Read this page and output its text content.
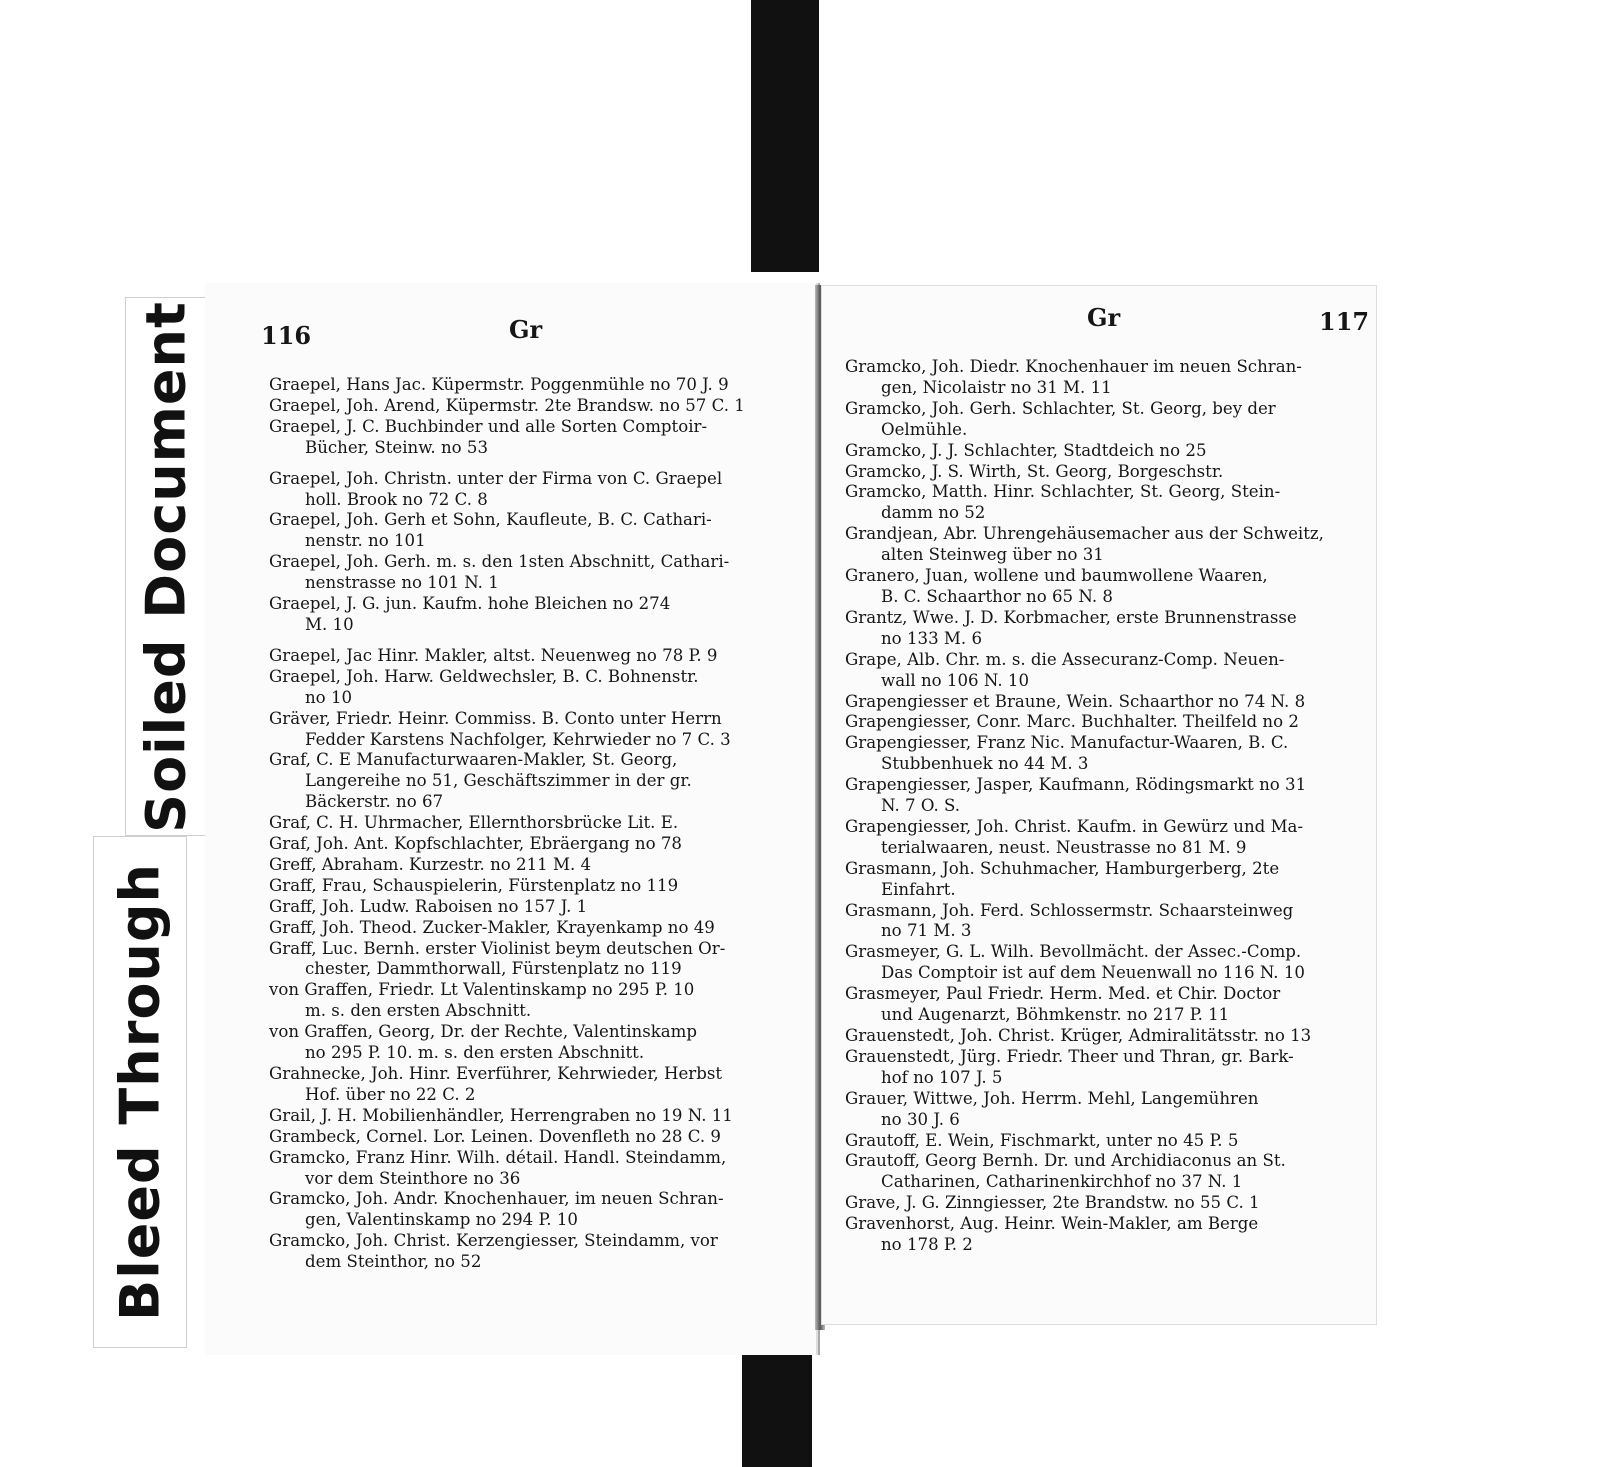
Soiled Document
Bleed Through
116	Gr
Graepel, Hans Jac. Küpermstr. Poggenmühle no 70 J. 9
Graepel, Joh. Arend, Küpermstr. 2te Brandsw. no 57 C. 1
Graepel, J. C. Buchbinder und alle Sorten Comptoir-
Bücher, Steinw. no 53
Graepel, Joh. Christn. unter der Firma von C. Graepel
holl. Brook no 72 C. 8
Graepel, Joh. Gerh et Sohn, Kaufleute, B. C. Cathari-
nenstr. no 101
Graepel, Joh. Gerh. m. s. den 1sten Abschnitt, Cathari-
nenstrasse no 101 N. 1
Graepel, J. G. jun. Kaufm. hohe Bleichen no 274
M. 10
Graepel, Jac Hinr. Makler, altst. Neuenweg no 78 P. 9
Graepel, Joh. Harw. Geldwechsler, B. C. Bohnenstr.
no 10
Gräver, Friedr. Heinr. Commiss. B. Conto unter Herrn
Fedder Karstens Nachfolger, Kehrwieder no 7 C. 3
Graf, C. E Manufacturwaaren-Makler, St. Georg,
Langereihe no 51, Geschäftszimmer in der gr.
Bäckerstr. no 67
Graf, C. H. Uhrmacher, Ellernthorsbrücke Lit. E.
Graf, Joh. Ant. Kopfschlachter, Ebräergang no 78
Greff, Abraham. Kurzestr. no 211 M. 4
Graff, Frau, Schauspielerin, Fürstenplatz no 119
Graff, Joh. Ludw. Raboisen no 157 J. 1
Graff, Joh. Theod. Zucker-Makler, Krayenkamp no 49
Graff, Luc. Bernh. erster Violinist beym deutschen Or-
chester, Dammthorwall, Fürstenplatz no 119
von Graffen, Friedr. Lt Valentinskamp no 295 P. 10
m. s. den ersten Abschnitt.
von Graffen, Georg, Dr. der Rechte, Valentinskamp
no 295 P. 10. m. s. den ersten Abschnitt.
Grahnecke, Joh. Hinr. Everführer, Kehrwieder, Herbst
Hof. über no 22 C. 2
Grail, J. H. Mobilienhändler, Herrengraben no 19 N. 11
Grambeck, Cornel. Lor. Leinen. Dovenfleth no 28 C. 9
Gramcko, Franz Hinr. Wilh. détail. Handl. Steindamm,
vor dem Steinthore no 36
Gramcko, Joh. Andr. Knochenhauer, im neuen Schran-
gen, Valentinskamp no 294 P. 10
Gramcko, Joh. Christ. Kerzengiesser, Steindamm, vor
dem Steinthor, no 52
Gr	117
Gramcko, Joh. Diedr. Knochenhauer im neuen Schran-
gen, Nicolaistr no 31 M. 11
Gramcko, Joh. Gerh. Schlachter, St. Georg, bey der
Oelmühle.
Gramcko, J. J. Schlachter, Stadtdeich no 25
Gramcko, J. S. Wirth, St. Georg, Borgeschstr.
Gramcko, Matth. Hinr. Schlachter, St. Georg, Stein-
damm no 52
Grandjean, Abr. Uhrengehäusemacher aus der Schweitz,
alten Steinweg über no 31
Granero, Juan, wollene und baumwollene Waaren,
B. C. Schaarthor no 65 N. 8
Grantz, Wwe. J. D. Korbmacher, erste Brunnenstrasse
no 133 M. 6
Grape, Alb. Chr. m. s. die Assecuranz-Comp. Neuen-
wall no 106 N. 10
Grapengiesser et Braune, Wein. Schaarthor no 74 N. 8
Grapengiesser, Conr. Marc. Buchhalter. Theilfeld no 2
Grapengiesser, Franz Nic. Manufactur-Waaren, B. C.
Stubbenhuek no 44 M. 3
Grapengiesser, Jasper, Kaufmann, Rödingsmarkt no 31
N. 7 O. S.
Grapengiesser, Joh. Christ. Kaufm. in Gewürz und Ma-
terialwaaren, neust. Neustrasse no 81 M. 9
Grasmann, Joh. Schuhmacher, Hamburgerberg, 2te
Einfahrt.
Grasmann, Joh. Ferd. Schlossermstr. Schaarsteinweg
no 71 M. 3
Grasmeyer, G. L. Wilh. Bevollmächt. der Assec.-Comp.
Das Comptoir ist auf dem Neuenwall no 116 N. 10
Grasmeyer, Paul Friedr. Herm. Med. et Chir. Doctor
und Augenarzt, Böhmkenstr. no 217 P. 11
Grauenstedt, Joh. Christ. Krüger, Admiralitätsstr. no 13
Grauenstedt, Jürg. Friedr. Theer und Thran, gr. Bark-
hof no 107 J. 5
Grauer, Wittwe, Joh. Herrm. Mehl, Langemühren
no 30 J. 6
Grautoff, E. Wein, Fischmarkt, unter no 45 P. 5
Grautoff, Georg Bernh. Dr. und Archidiaconus an St.
Catharinen, Catharinenkirchhof no 37 N. 1
Grave, J. G. Zinngiesser, 2te Brandstw. no 55 C. 1
Gravenhorst, Aug. Heinr. Wein-Makler, am Berge
no 178 P. 2
